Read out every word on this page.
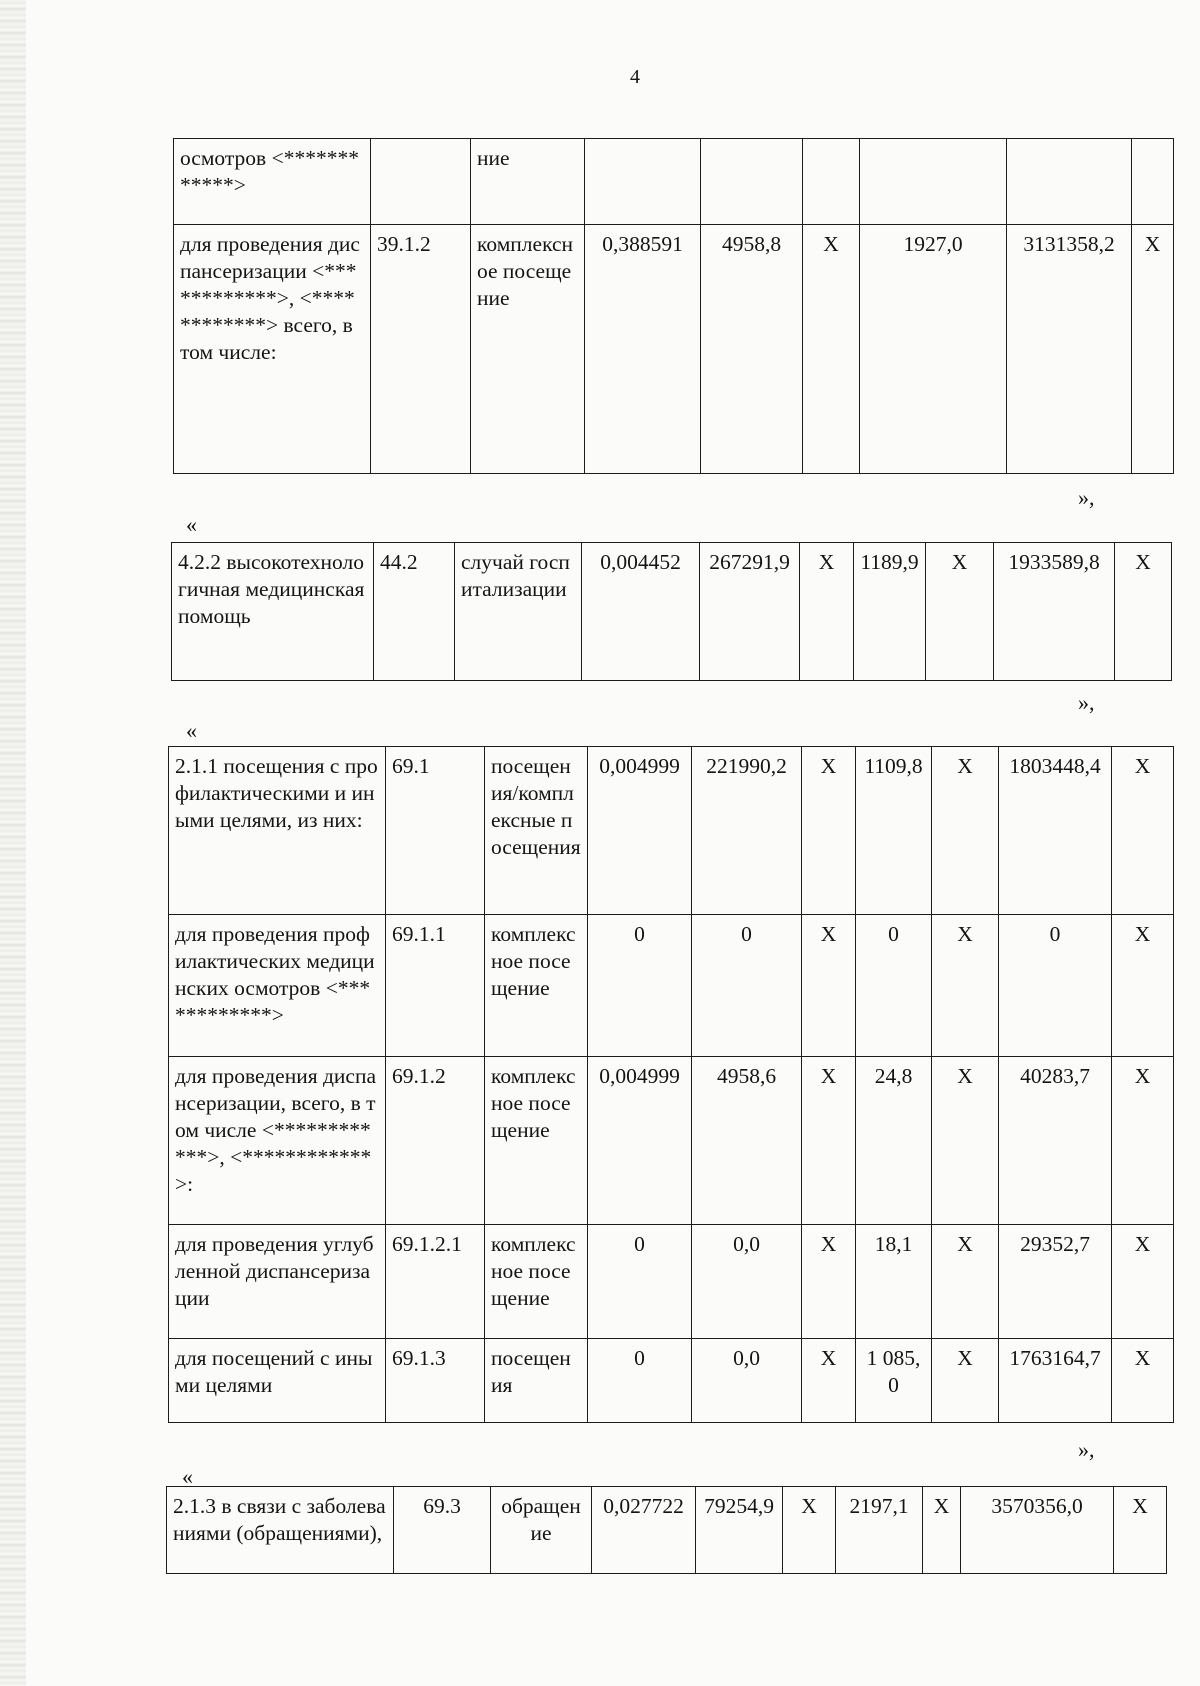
4
осмотров <************>		ние							
для проведения диспансеризации <************>, <************> всего, в том числе:	39.1.2	комплексное посещение	0,388591	4958,8	Х	1927,0		3131358,2	Х
»,
«
4.2.2 высокотехнологичная медицинская помощь	44.2	случай госпитализации	0,004452	267291,9	Х	1189,9	Х	1933589,8	Х
»,
«
2.1.1 посещения с профилактическими и иными целями, из них:	69.1	посещения/комплексные посещения	0,004999	221990,2	Х	1109,8	Х	1803448,4	Х
для проведения профилактических медицинских осмотров <************>	69.1.1	комплексное посещение	0	0	Х	0	Х	0	Х
для проведения диспансеризации, всего, в том числе <************>, <************>:	69.1.2	комплексное посещение	0,004999	4958,6	Х	24,8	Х	40283,7	Х
для проведения углубленной диспансеризации	69.1.2.1	комплексное посещение	0	0,0	Х	18,1	Х	29352,7	Х
для посещений с иными целями	69.1.3	посещения	0	0,0	Х	1 085,0	Х	1763164,7	Х
»,
«
2.1.3 в связи с заболеваниями (обращениями),	69.3	обращение	0,027722	79254,9	Х	2197,1	Х	3570356,0	Х
